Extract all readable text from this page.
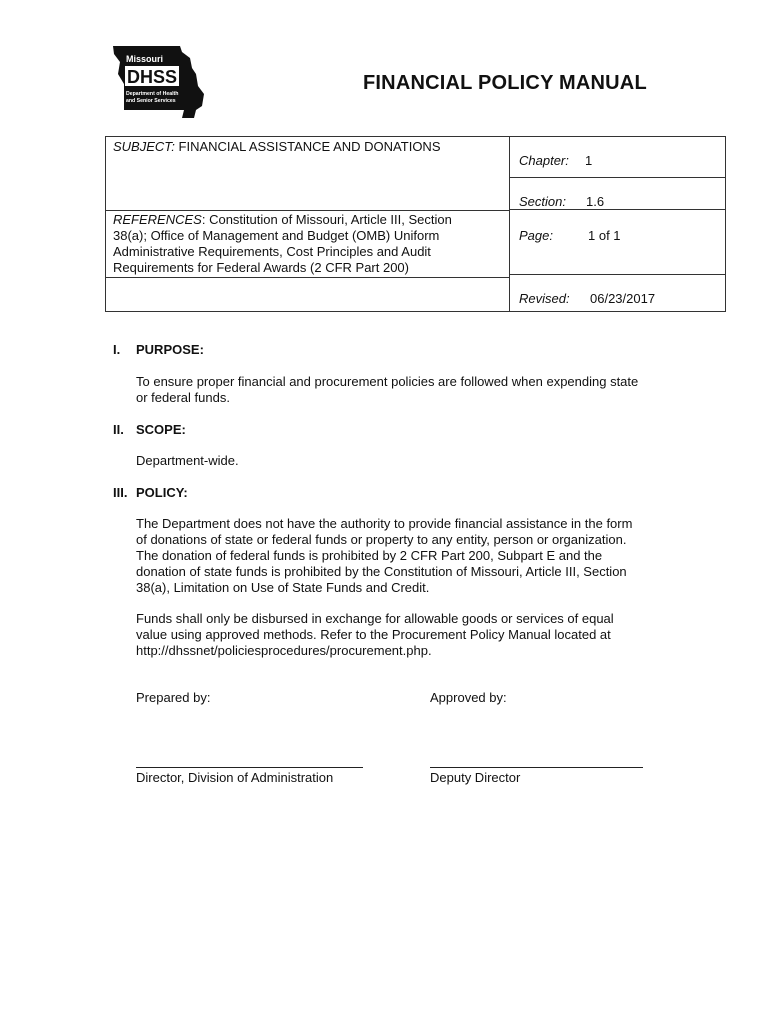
Missouri
DHSS
Department of Health
and Senior Services
FINANCIAL POLICY MANUAL
SUBJECT: FINANCIAL ASSISTANCE AND DONATIONS	
Chapter: 1
Section: 1.6
Page:	1 of 1
Revised: 06/23/2017

REFERENCES: Constitution of Missouri, Article III, Section
38(a); Office of Management and Budget (OMB) Uniform
Administrative Requirements, Cost Principles and Audit
Requirements for Federal Awards (2 CFR Part 200)

I. PURPOSE:
To ensure proper financial and procurement policies are followed when expending state
or federal funds.
II. SCOPE:
Department-wide.
III. POLICY:
The Department does not have the authority to provide financial assistance in the form
of donations of state or federal funds or property to any entity, person or organization.
The donation of federal funds is prohibited by 2 CFR Part 200, Subpart E and the
donation of state funds is prohibited by the Constitution of Missouri, Article III, Section
38(a), Limitation on Use of State Funds and Credit.
Funds shall only be disbursed in exchange for allowable goods or services of equal
value using approved methods. Refer to the Procurement Policy Manual located at
http://dhssnet/policiesprocedures/procurement.php.
Prepared by:	Approved by:
Director, Division of Administration	Deputy Director
